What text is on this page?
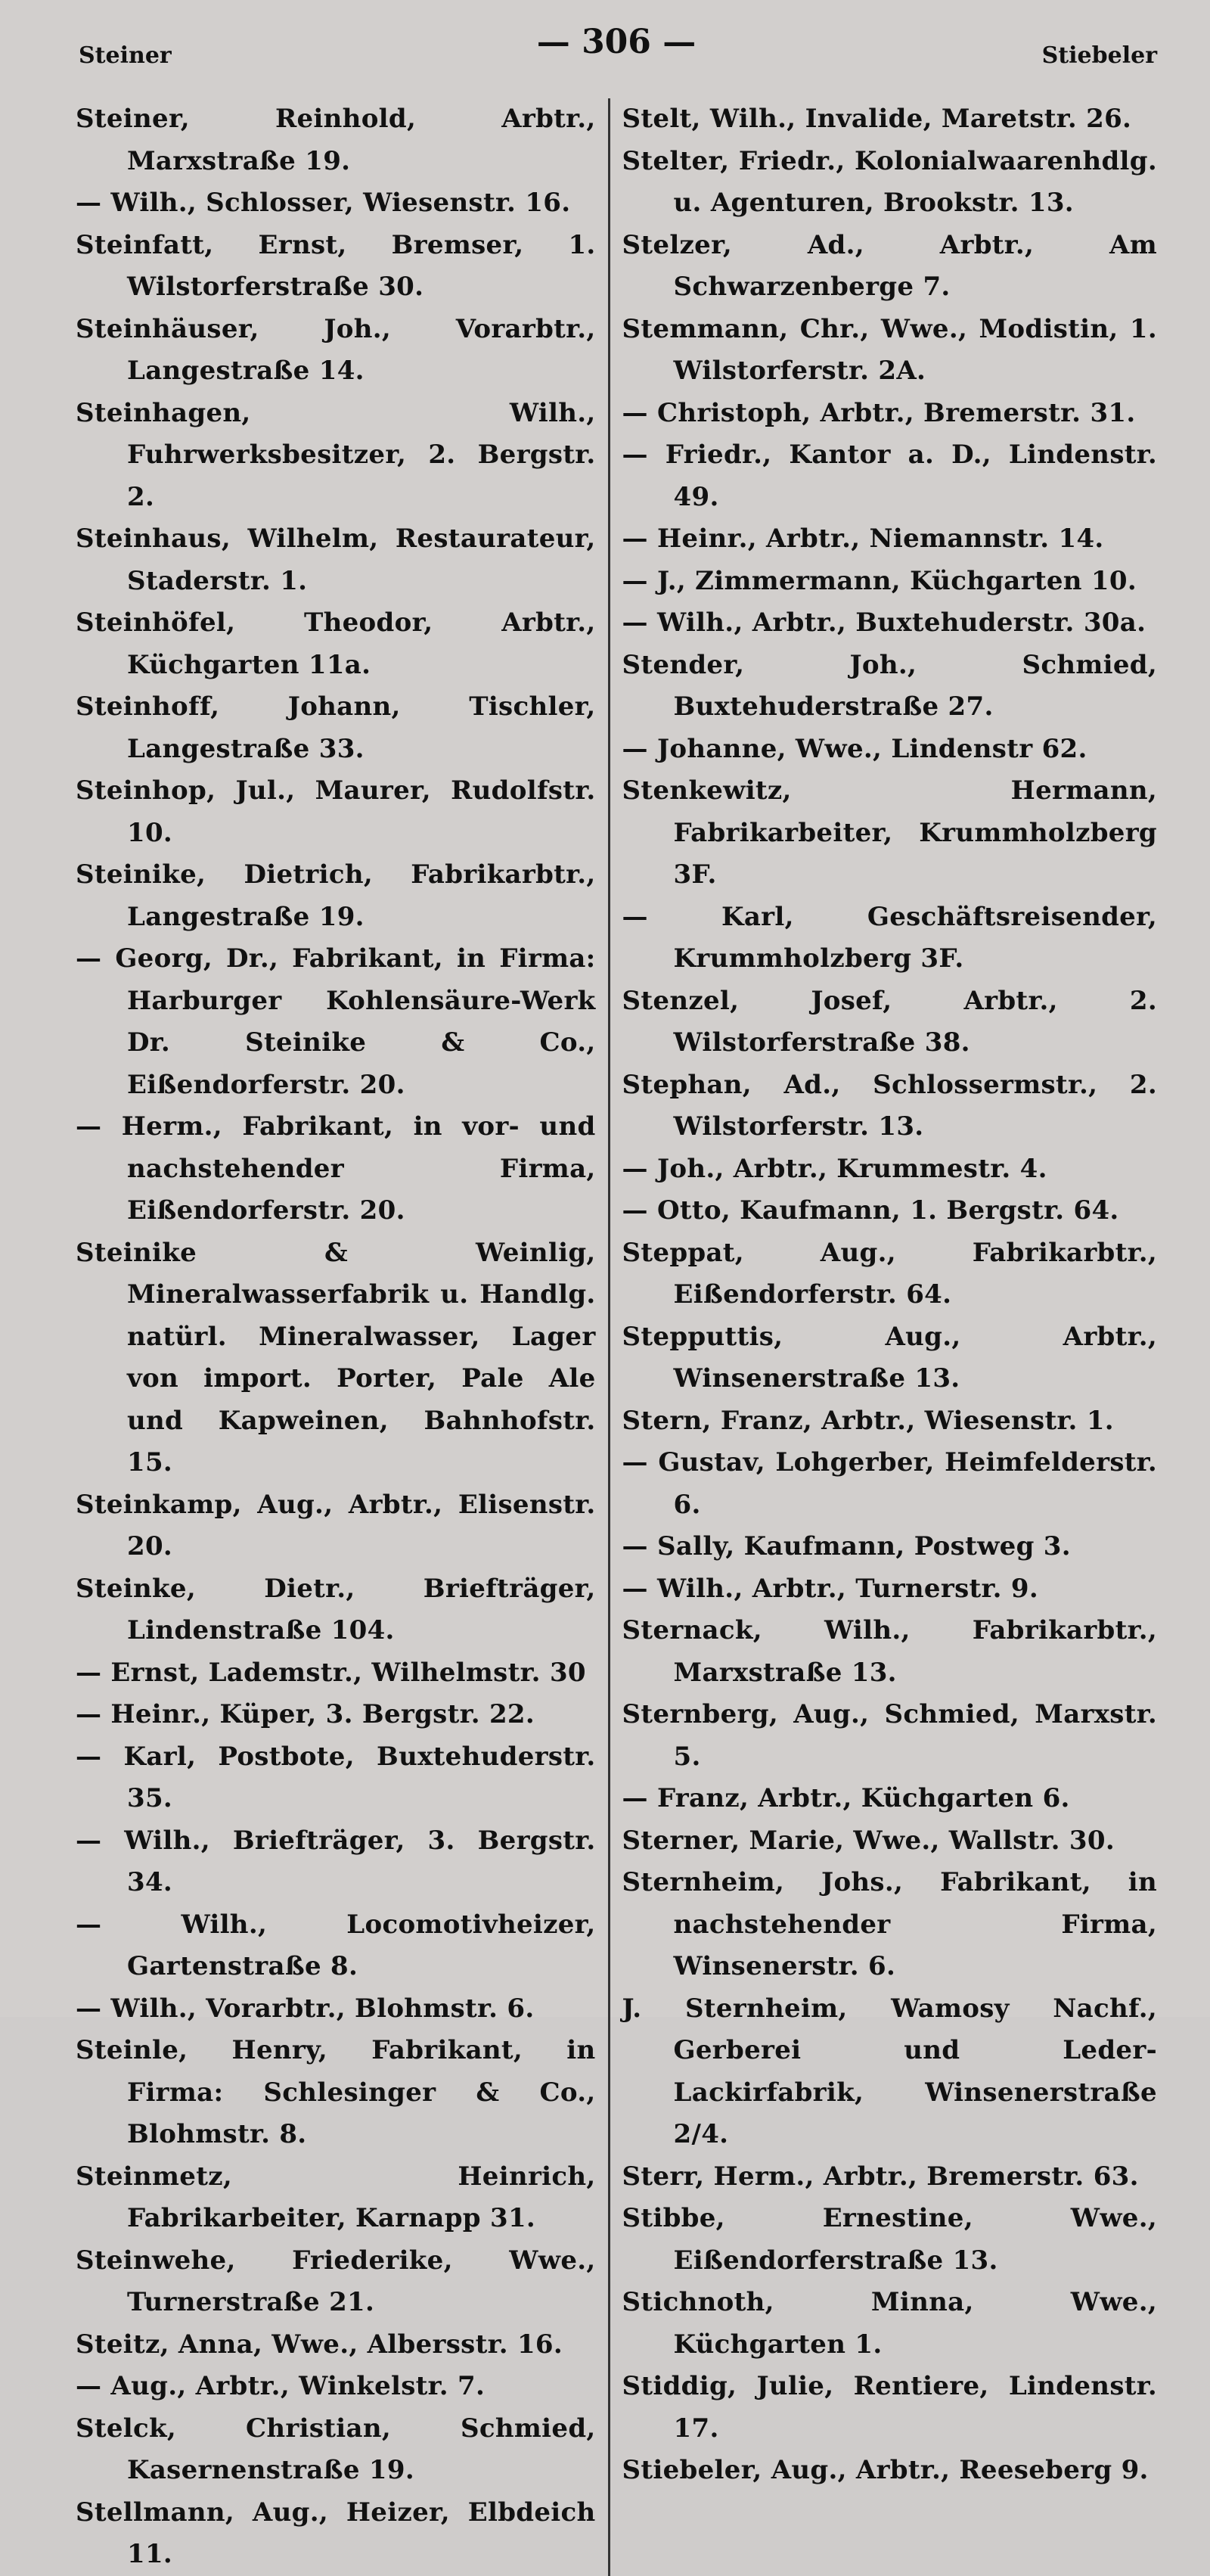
Steiner	— 306 —	Stiebeler
Steiner, Reinhold, Arbtr., Marxstraße 19.
— Wilh., Schlosser, Wiesenstr. 16.
Steinfatt, Ernst, Bremser, 1. Wilstorferstraße 30.
Steinhäuser, Joh., Vorarbtr., Langestraße 14.
Steinhagen, Wilh., Fuhrwerksbesitzer, 2. Bergstr. 2.
Steinhaus, Wilhelm, Restaurateur, Staderstr. 1.
Steinhöfel, Theodor, Arbtr., Küchgarten 11a.
Steinhoff, Johann, Tischler, Langestraße 33.
Steinhop, Jul., Maurer, Rudolfstr. 10.
Steinike, Dietrich, Fabrikarbtr., Langestraße 19.
— Georg, Dr., Fabrikant, in Firma: Harburger Kohlensäure-Werk Dr. Steinike & Co., Eißendorferstr. 20.
— Herm., Fabrikant, in vor- und nachstehender Firma, Eißendorferstr. 20.
Steinike & Weinlig, Mineralwasserfabrik u. Handlg. natürl. Mineralwasser, Lager von import. Porter, Pale Ale und Kapweinen, Bahnhofstr. 15.
Steinkamp, Aug., Arbtr., Elisenstr. 20.
Steinke, Dietr., Briefträger, Lindenstraße 104.
— Ernst, Lademstr., Wilhelmstr. 30
— Heinr., Küper, 3. Bergstr. 22.
— Karl, Postbote, Buxtehuderstr. 35.
— Wilh., Briefträger, 3. Bergstr. 34.
— Wilh., Locomotivheizer, Gartenstraße 8.
— Wilh., Vorarbtr., Blohmstr. 6.
Steinle, Henry, Fabrikant, in Firma: Schlesinger & Co., Blohmstr. 8.
Steinmetz, Heinrich, Fabrikarbeiter, Karnapp 31.
Steinwehe, Friederike, Wwe., Turnerstraße 21.
Steitz, Anna, Wwe., Albersstr. 16.
— Aug., Arbtr., Winkelstr. 7.
Stelck, Christian, Schmied, Kasernenstraße 19.
Stellmann, Aug., Heizer, Elbdeich 11.
Stelt, Wilh., Invalide, Maretstr. 26.
Stelter, Friedr., Kolonialwaarenhdlg. u. Agenturen, Brookstr. 13.
Stelzer, Ad., Arbtr., Am Schwarzenberge 7.
Stemmann, Chr., Wwe., Modistin, 1. Wilstorferstr. 2A.
— Christoph, Arbtr., Bremerstr. 31.
— Friedr., Kantor a. D., Lindenstr. 49.
— Heinr., Arbtr., Niemannstr. 14.
— J., Zimmermann, Küchgarten 10.
— Wilh., Arbtr., Buxtehuderstr. 30a.
Stender, Joh., Schmied, Buxtehuderstraße 27.
— Johanne, Wwe., Lindenstr 62.
Stenkewitz, Hermann, Fabrikarbeiter, Krummholzberg 3F.
— Karl, Geschäftsreisender, Krummholzberg 3F.
Stenzel, Josef, Arbtr., 2. Wilstorferstraße 38.
Stephan, Ad., Schlossermstr., 2. Wilstorferstr. 13.
— Joh., Arbtr., Krummestr. 4.
— Otto, Kaufmann, 1. Bergstr. 64.
Steppat, Aug., Fabrikarbtr., Eißendorferstr. 64.
Stepputtis, Aug., Arbtr., Winsenerstraße 13.
Stern, Franz, Arbtr., Wiesenstr. 1.
— Gustav, Lohgerber, Heimfelderstr. 6.
— Sally, Kaufmann, Postweg 3.
— Wilh., Arbtr., Turnerstr. 9.
Sternack, Wilh., Fabrikarbtr., Marxstraße 13.
Sternberg, Aug., Schmied, Marxstr. 5.
— Franz, Arbtr., Küchgarten 6.
Sterner, Marie, Wwe., Wallstr. 30.
Sternheim, Johs., Fabrikant, in nachstehender Firma, Winsenerstr. 6.
J. Sternheim, Wamosy Nachf., Gerberei und Leder-Lackirfabrik, Winsenerstraße 2/4.
Sterr, Herm., Arbtr., Bremerstr. 63.
Stibbe, Ernestine, Wwe., Eißendorferstraße 13.
Stichnoth, Minna, Wwe., Küchgarten 1.
Stiddig, Julie, Rentiere, Lindenstr. 17.
Stiebeler, Aug., Arbtr., Reeseberg 9.
